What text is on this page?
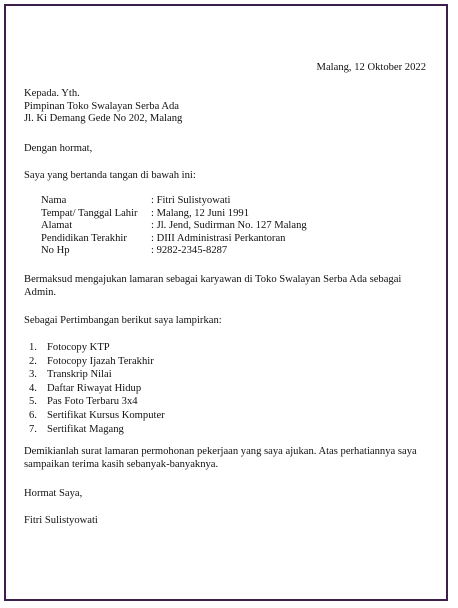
Malang, 12 Oktober 2022
Kepada. Yth.
Pimpinan Toko Swalayan Serba Ada
Jl. Ki Demang Gede No 202, Malang
Dengan hormat,
Saya yang bertanda tangan di bawah ini:
Nama	: Fitri Sulistyowati
Tempat/ Tanggal Lahir	: Malang, 12 Juni 1991
Alamat	: Jl. Jend, Sudirman No. 127 Malang
Pendidikan Terakhir	: DIII Administrasi Perkantoran
No Hp	: 9282-2345-8287
Bermaksud mengajukan lamaran sebagai karyawan di Toko Swalayan Serba Ada sebagai Admin.
Sebagai Pertimbangan berikut saya lampirkan:
1. Fotocopy KTP
2. Fotocopy Ijazah Terakhir
3. Transkrip Nilai
4. Daftar Riwayat Hidup
5. Pas Foto Terbaru 3x4
6. Sertifikat Kursus Komputer
7. Sertifikat Magang
Demikianlah surat lamaran permohonan pekerjaan yang saya ajukan. Atas perhatiannya saya sampaikan terima kasih sebanyak-banyaknya.
Hormat Saya,
Fitri Sulistyowati
